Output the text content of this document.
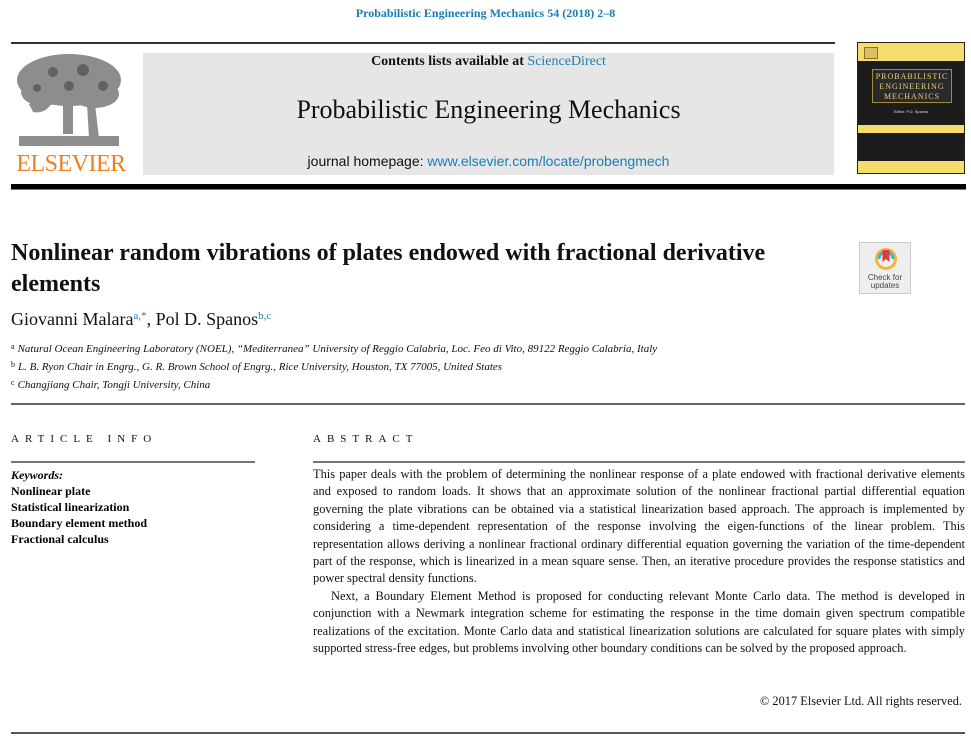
Probabilistic Engineering Mechanics 54 (2018) 2–8
ELSEVIER
Contents lists available at ScienceDirect
Probabilistic Engineering Mechanics
journal homepage: www.elsevier.com/locate/probengmech
PROBABILISTIC
ENGINEERING
MECHANICS
Editor: P.D. Spanos
Nonlinear random vibrations of plates endowed with fractional derivative elements	Check for
updates
Giovanni Malara$^{a,*}$, Pol D. Spanos$^{b,c}$
$^a$ Natural Ocean Engineering Laboratory (NOEL), “Mediterranea” University of Reggio Calabria, Loc. Feo di Vito, 89122 Reggio Calabria, Italy
$^b$ L. B. Ryon Chair in Engrg., G. R. Brown School of Engrg., Rice University, Houston, TX 77005, United States
$^c$ Changjiang Chair, Tongji University, China
ARTICLE INFO	ABSTRACT
Keywords:
Nonlinear plate
Statistical linearization
Boundary element method
Fractional calculus

This paper deals with the problem of determining the nonlinear response of a plate endowed with fractional derivative elements and exposed to random loads. It shows that an approximate solution of the nonlinear fractional partial differential equation governing the plate vibrations can be obtained via a statistical linearization based approach. The approach is implemented by considering a time-dependent representation of the response involving the eigen-functions of the linear problem. This representation allows deriving a nonlinear fractional ordinary differential equation governing the variation of the time-dependent part of the response, which is linearized in a mean square sense. Then, an iterative procedure provides the response statistics and power spectral density functions.

Next, a Boundary Element Method is proposed for conducting relevant Monte Carlo data. The method is developed in conjunction with a Newmark integration scheme for estimating the response in the time domain given spectrum compatible realizations of the excitation. Monte Carlo data and statistical linearization solutions are calculated for square plates with simply supported stress-free edges, but problems involving other boundary conditions can be solved by the proposed approach.

© 2017 Elsevier Ltd. All rights reserved.
